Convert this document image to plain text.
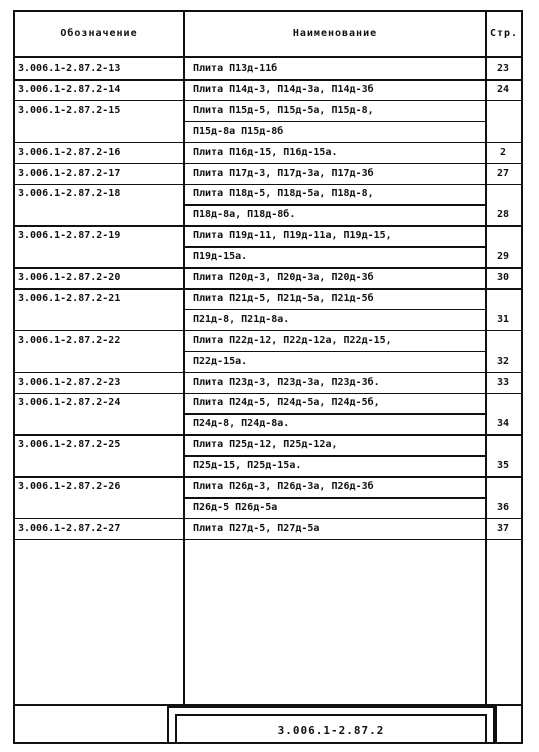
Обозначение	Наименование	Стр.
3.006.1-2.87.2-13	Плита П13д-11б	23
3.006.1-2.87.2-14	Плита П14д-3, П14д-3а, П14д-3б	24
3.006.1-2.87.2-15	Плита П15д-5, П15д-5а, П15д-8,
П15д-8а П15д-8б
3.006.1-2.87.2-16	Плита П16д-15, П16д-15а.	2
3.006.1-2.87.2-17	Плита П17д-3, П17д-3а, П17д-3б	27
3.006.1-2.87.2-18	Плита П18д-5, П18д-5а, П18д-8,
П18д-8а, П18д-8б.	28
3.006.1-2.87.2-19	Плита П19д-11, П19д-11а, П19д-15,
П19д-15а.	29
3.006.1-2.87.2-20	Плита П20д-3, П20д-3а, П20д-3б	30
3.006.1-2.87.2-21	Плита П21д-5, П21д-5а, П21д-5б
П21д-8, П21д-8а.	31
3.006.1-2.87.2-22	Плита П22д-12, П22д-12а, П22д-15,
П22д-15а.	32
3.006.1-2.87.2-23	Плита П23д-3, П23д-3а, П23д-3б.	33
3.006.1-2.87.2-24	Плита П24д-5, П24д-5а, П24д-5б,
П24д-8, П24д-8а.	34
3.006.1-2.87.2-25	Плита П25д-12, П25д-12а,
П25д-15, П25д-15а.	35
3.006.1-2.87.2-26	Плита П26д-3, П26д-3а, П26д-3б
П26д-5 П26д-5а	36
3.006.1-2.87.2-27	Плита П27д-5, П27д-5а	37
3.006.1-2.87.2
